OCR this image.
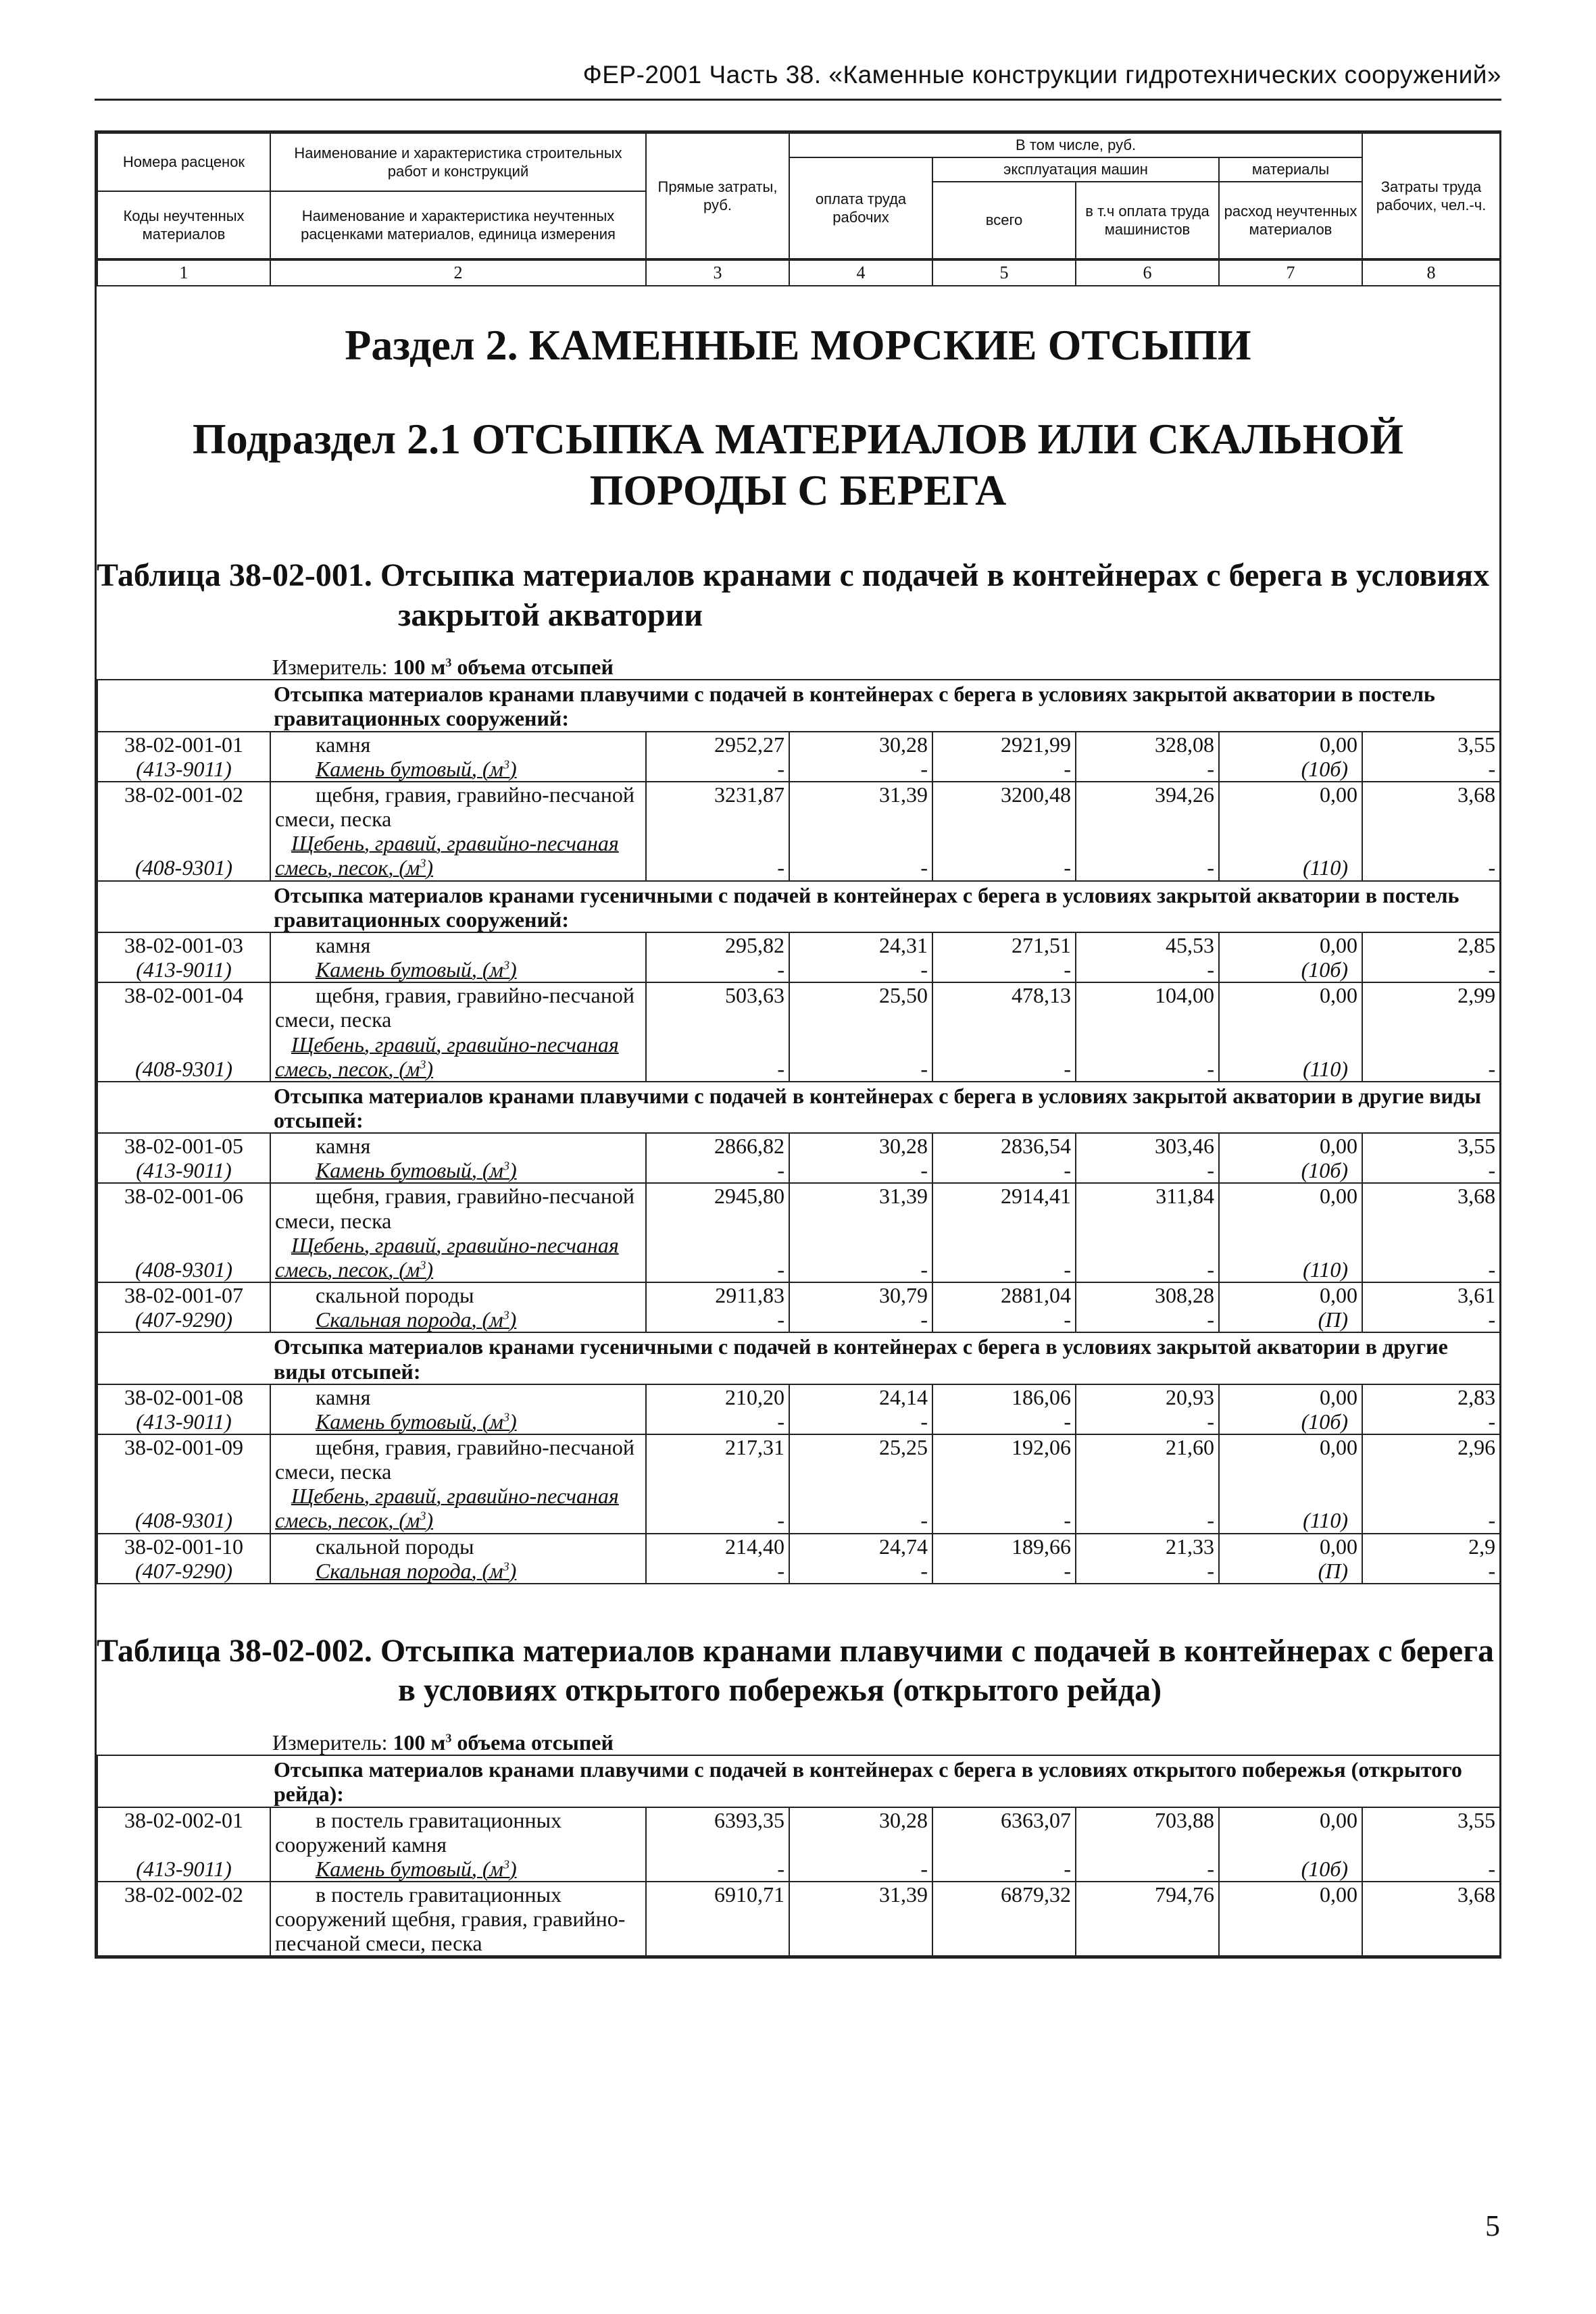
ФЕР-2001 Часть 38. «Каменные конструкции гидротехнических сооружений»
Номера расценок	Наименование и характеристика строительных работ и конструкций	Прямые затраты, руб.	В том числе, руб.				Затраты труда рабочих, чел.-ч.
			оплата труда рабочих	эксплуатация машин		материалы	
				всего	в т.ч оплата труда машинистов	расход неучтенных материалов	
Коды неучтенных материалов	Наименование и характеристика неучтенных расценками материалов, единица измерения						

1	2	3	4	5	6	7	8
Раздел 2. КАМЕННЫЕ МОРСКИЕ ОТСЫПИ
Подраздел 2.1 ОТСЫПКА МАТЕРИАЛОВ ИЛИ СКАЛЬНОЙ ПОРОДЫ С БЕРЕГА
Таблица 38-02-001. Отсыпка материалов кранами с подачей в контейнерах с берега в условиях закрытой акватории
Измеритель: 100 $м^3$ объема отсыпей
Отсыпка материалов кранами плавучими с подачей в контейнерах с берега в условиях закрытой акватории в постель гравитационных сооружений:							
38-02-001-01	камня	2952,27	30,28	2921,99	328,08	0,00	3,55
(413-9011)	Камень бутовый, $(м^3)$	-	-	-	-	(10б)	-
38-02-001-02	щебня, гравия, гравийно-песчаной смеси, песка	3231,87	31,39	3200,48	394,26	0,00	3,68
(408-9301)	Щебень, гравий, гравийно-песчаная смесь, песок, $(м^3)$	-	-	-	-	(110)	-
Отсыпка материалов кранами гусеничными с подачей в контейнерах с берега в условиях закрытой акватории в постель гравитационных сооружений:							
38-02-001-03	камня	295,82	24,31	271,51	45,53	0,00	2,85
(413-9011)	Камень бутовый, $(м^3)$	-	-	-	-	(10б)	-
38-02-001-04	щебня, гравия, гравийно-песчаной смеси, песка	503,63	25,50	478,13	104,00	0,00	2,99
(408-9301)	Щебень, гравий, гравийно-песчаная смесь, песок, $(м^3)$	-	-	-	-	(110)	-
Отсыпка материалов кранами плавучими с подачей в контейнерах с берега в условиях закрытой акватории в другие виды отсыпей:							
38-02-001-05	камня	2866,82	30,28	2836,54	303,46	0,00	3,55
(413-9011)	Камень бутовый, $(м^3)$	-	-	-	-	(10б)	-
38-02-001-06	щебня, гравия, гравийно-песчаной смеси, песка	2945,80	31,39	2914,41	311,84	0,00	3,68
(408-9301)	Щебень, гравий, гравийно-песчаная смесь, песок, $(м^3)$	-	-	-	-	(110)	-
38-02-001-07	скальной породы	2911,83	30,79	2881,04	308,28	0,00	3,61
(407-9290)	Скальная порода, $(м^3)$	-	-	-	-	(П)	-
Отсыпка материалов кранами гусеничными с подачей в контейнерах с берега в условиях закрытой акватории в другие виды отсыпей:							
38-02-001-08	камня	210,20	24,14	186,06	20,93	0,00	2,83
(413-9011)	Камень бутовый, $(м^3)$	-	-	-	-	(10б)	-
38-02-001-09	щебня, гравия, гравийно-песчаной смеси, песка	217,31	25,25	192,06	21,60	0,00	2,96
(408-9301)	Щебень, гравий, гравийно-песчаная смесь, песок, $(м^3)$	-	-	-	-	(110)	-
38-02-001-10	скальной породы	214,40	24,74	189,66	21,33	0,00	2,9
(407-9290)	Скальная порода, $(м^3)$	-	-	-	-	(П)	-
Таблица 38-02-002. Отсыпка материалов кранами плавучими с подачей в контейнерах с берега в условиях открытого побережья (открытого рейда)
Измеритель: 100 $м^3$ объема отсыпей
Отсыпка материалов кранами плавучими с подачей в контейнерах с берега в условиях открытого побережья (открытого рейда):							
38-02-002-01	в постель гравитационных сооружений камня	6393,35	30,28	6363,07	703,88	0,00	3,55
(413-9011)	Камень бутовый, $(м^3)$	-	-	-	-	(10б)	-
38-02-002-02	в постель гравитационных сооружений щебня, гравия, гравийно-песчаной смеси, песка	6910,71	31,39	6879,32	794,76	0,00	3,68
5
